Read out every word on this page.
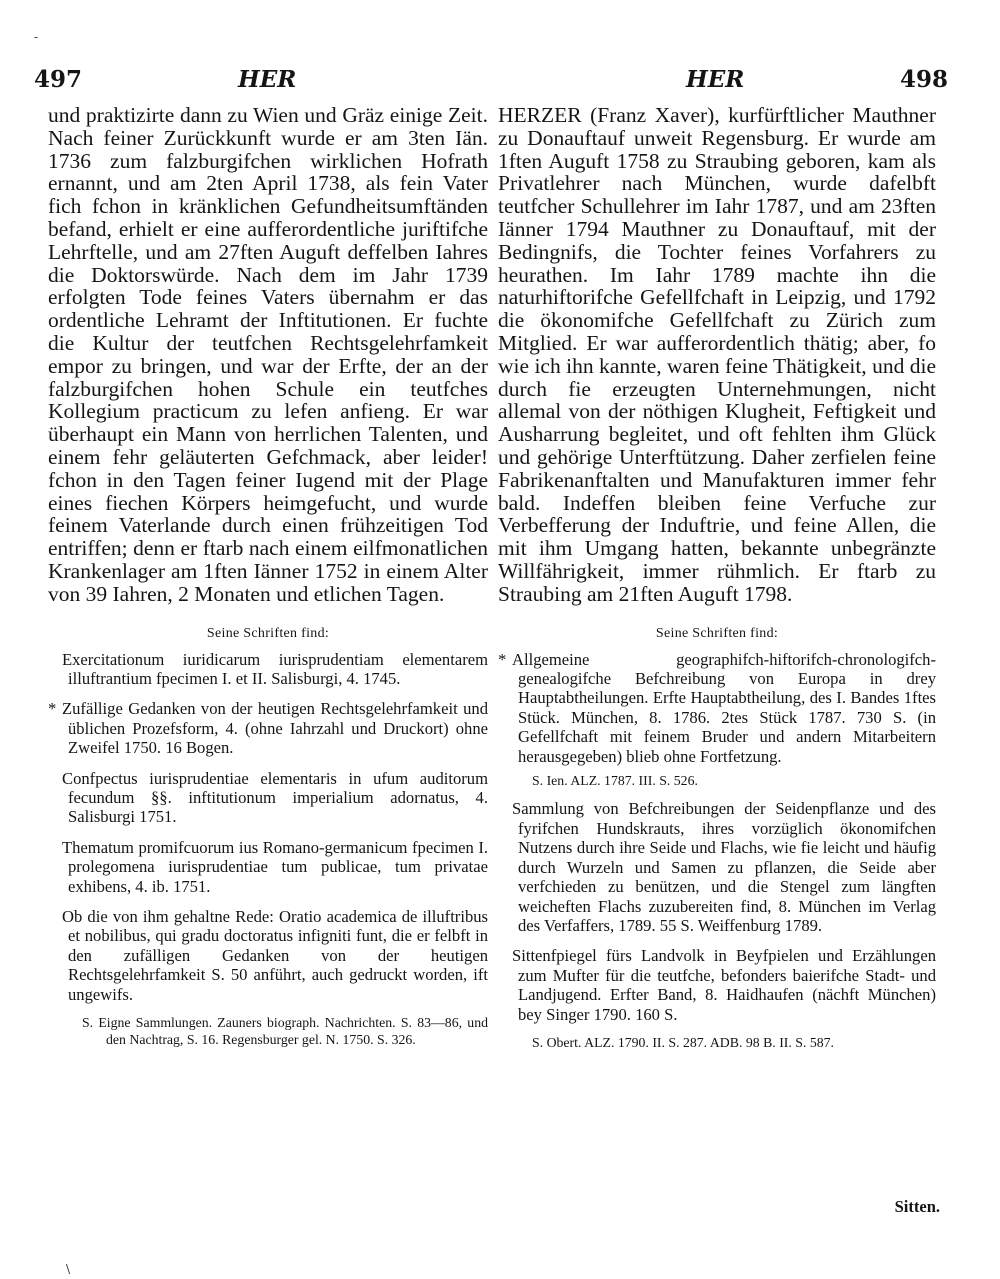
-
497	HER	HER	498

und praktizirte dann zu Wien und Gräz einige Zeit. Nach feiner Zurückkunft wurde er am 3ten Iän. 1736 zum falzburgifchen wirklichen Hofrath ernannt, und am 2ten April 1738, als fein Vater fich fchon in kränklichen Gefundheitsumftänden befand, erhielt er eine aufferordentliche juriftifche Lehrftelle, und am 27ften Auguft deffelben Iahres die Doktorswürde. Nach dem im Jahr 1739 erfolgten Tode feines Vaters übernahm er das ordentliche Lehramt der Inftitutionen. Er fuchte die Kultur der teutfchen Rechtsgelehrfamkeit empor zu bringen, und war der Erfte, der an der falzburgifchen hohen Schule ein teutfches Kollegium practicum zu lefen anfieng. Er war überhaupt ein Mann von herrlichen Talenten, und einem fehr geläuterten Gefchmack, aber leider! fchon in den Tagen feiner Iugend mit der Plage eines fiechen Körpers heimgefucht, und wurde feinem Vaterlande durch einen frühzeitigen Tod entriffen; denn er ftarb nach einem eilfmonatlichen Krankenlager am 1ften Iänner 1752 in einem Alter von 39 Iahren, 2 Monaten und etlichen Tagen.

Seine Schriften find:

Exercitationum iuridicarum iurisprudentiam elementarem illuftrantium fpecimen I. et II. Salisburgi, 4. 1745.

* Zufällige Gedanken von der heutigen Rechtsgelehrfamkeit und üblichen Prozefsform, 4. (ohne Iahrzahl und Druckort) ohne Zweifel 1750. 16 Bogen.

Confpectus iurisprudentiae elementaris in ufum auditorum fecundum §§. inftitutionum imperialium adornatus, 4. Salisburgi 1751.

Thematum promifcuorum ius Romano-germanicum fpecimen I. prolegomena iurisprudentiae tum publicae, tum privatae exhibens, 4. ib. 1751.

Ob die von ihm gehaltne Rede: Oratio academica de illuftribus et nobilibus, qui gradu doctoratus infigniti funt, die er felbft in den zufälligen Gedanken von der heutigen Rechtsgelehrfamkeit S. 50 anführt, auch gedruckt worden, ift ungewifs.

S. Eigne Sammlungen. Zauners biograph. Nachrichten. S. 83—86, und den Nachtrag, S. 16. Regensburger gel. N. 1750. S. 326.

HERZER (Franz Xaver), kurfürftlicher Mauthner zu Donauftauf unweit Regensburg. Er wurde am 1ften Auguft 1758 zu Straubing geboren, kam als Privatlehrer nach München, wurde dafelbft teutfcher Schullehrer im Iahr 1787, und am 23ften Iänner 1794 Mauthner zu Donauftauf, mit der Bedingnifs, die Tochter feines Vorfahrers zu heurathen. Im Iahr 1789 machte ihn die naturhiftorifche Gefellfchaft in Leipzig, und 1792 die ökonomifche Gefellfchaft zu Zürich zum Mitglied. Er war aufferordentlich thätig; aber, fo wie ich ihn kannte, waren feine Thätigkeit, und die durch fie erzeugten Unternehmungen, nicht allemal von der nöthigen Klugheit, Feftigkeit und Ausharrung begleitet, und oft fehlten ihm Glück und gehörige Unterftützung. Daher zerfielen feine Fabrikenanftalten und Manufakturen immer fehr bald. Indeffen bleiben feine Verfuche zur Verbefferung der Induftrie, und feine Allen, die mit ihm Umgang hatten, bekannte unbegränzte Willfährigkeit, immer rühmlich. Er ftarb zu Straubing am 21ften Auguft 1798.

Seine Schriften find:

* Allgemeine geographifch-hiftorifch-chronologifch-genealogifche Befchreibung von Europa in drey Hauptabtheilungen. Erfte Hauptabtheilung, des I. Bandes 1ftes Stück. München, 8. 1786. 2tes Stück 1787. 730 S. (in Gefellfchaft mit feinem Bruder und andern Mitarbeitern herausgegeben) blieb ohne Fortfetzung.

S. Ien. ALZ. 1787. III. S. 526.

Sammlung von Befchreibungen der Seidenpflanze und des fyrifchen Hundskrauts, ihres vorzüglich ökonomifchen Nutzens durch ihre Seide und Flachs, wie fie leicht und häufig durch Wurzeln und Samen zu pflanzen, die Seide aber verfchieden zu benützen, und die Stengel zum längften weicheften Flachs zuzubereiten find, 8. München im Verlag des Verfaffers, 1789. 55 S. Weiffenburg 1789.

Sittenfpiegel fürs Landvolk in Beyfpielen und Erzählungen zum Mufter für die teutfche, befonders baierifche Stadt- und Landjugend. Erfter Band, 8. Haidhaufen (nächft München) bey Singer 1790. 160 S.

S. Obert. ALZ. 1790. II. S. 287. ADB. 98 B. II. S. 587.

Sitten.
\
